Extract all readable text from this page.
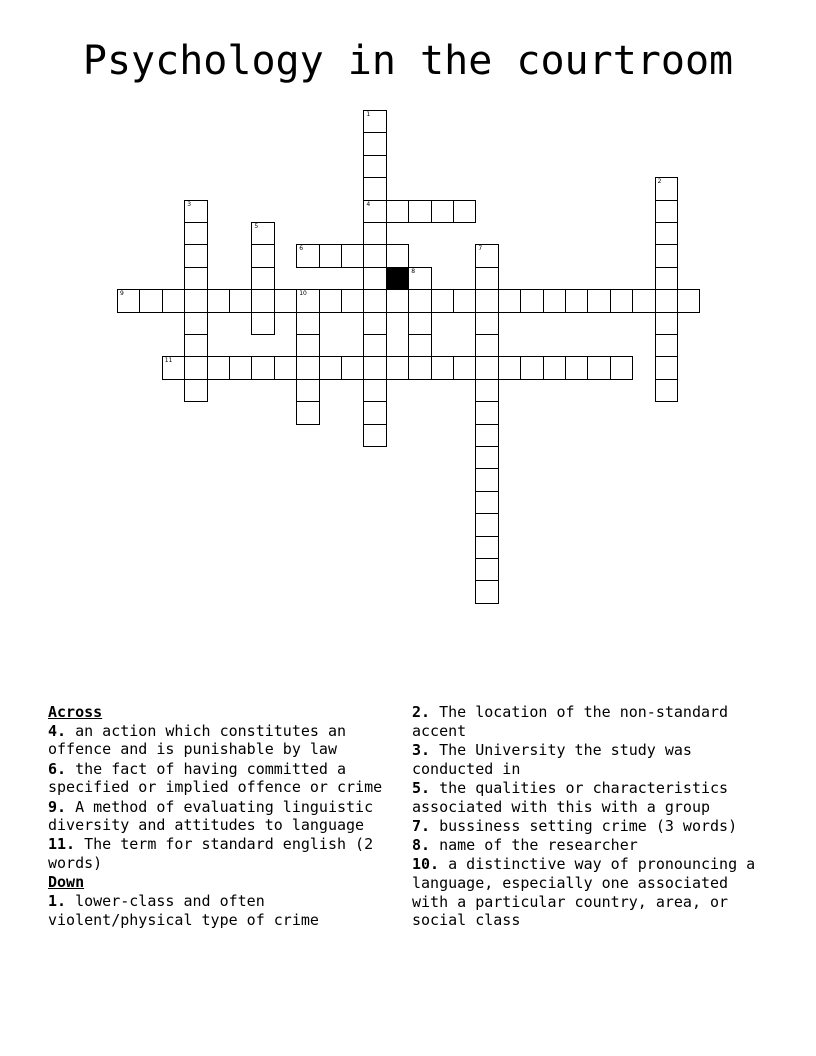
Psychology in the courtroom
1
4
2
3
5
6	7
8
9	10
11
Across
4. an action which constitutes an offence and is punishable by law
6. the fact of having committed a specified or implied offence or crime
9. A method of evaluating linguistic diversity and attitudes to language
11. The term for standard english (2 words)
Down
1. lower-class and often violent/physical type of crime
2. The location of the non-standard accent
3. The University the study was conducted in
5. the qualities or characteristics associated with this with a group
7. bussiness setting crime (3 words)
8. name of the researcher
10. a distinctive way of pronouncing a language, especially one associated with a particular country, area, or social class
